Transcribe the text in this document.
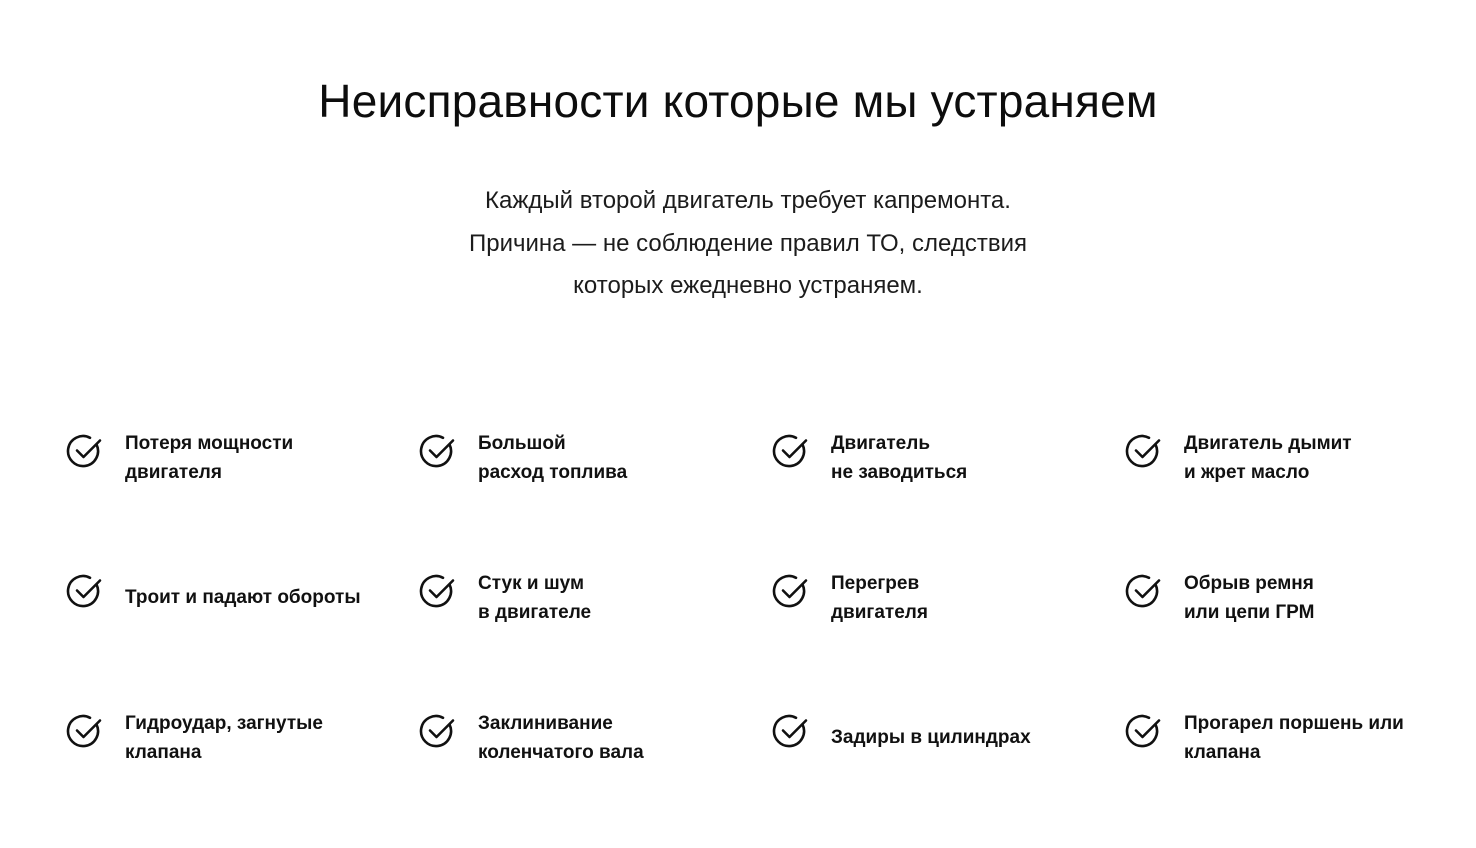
Неисправности которые мы устраняем
Каждый второй двигатель требует капремонта.
Причина — не соблюдение правил ТО, следствия
которых ежедневно устраняем.
Потеря мощности
двигателя
Большой
расход топлива
Двигатель
не заводиться
Двигатель дымит
и жрет масло
Троит и падают обороты
Стук и шум
в двигателе
Перегрев
двигателя
Обрыв ремня
или цепи ГРМ
Гидроудар, загнутые
клапана
Заклинивание
коленчатого вала
Задиры в цилиндрах
Прогарел поршень или
клапана
